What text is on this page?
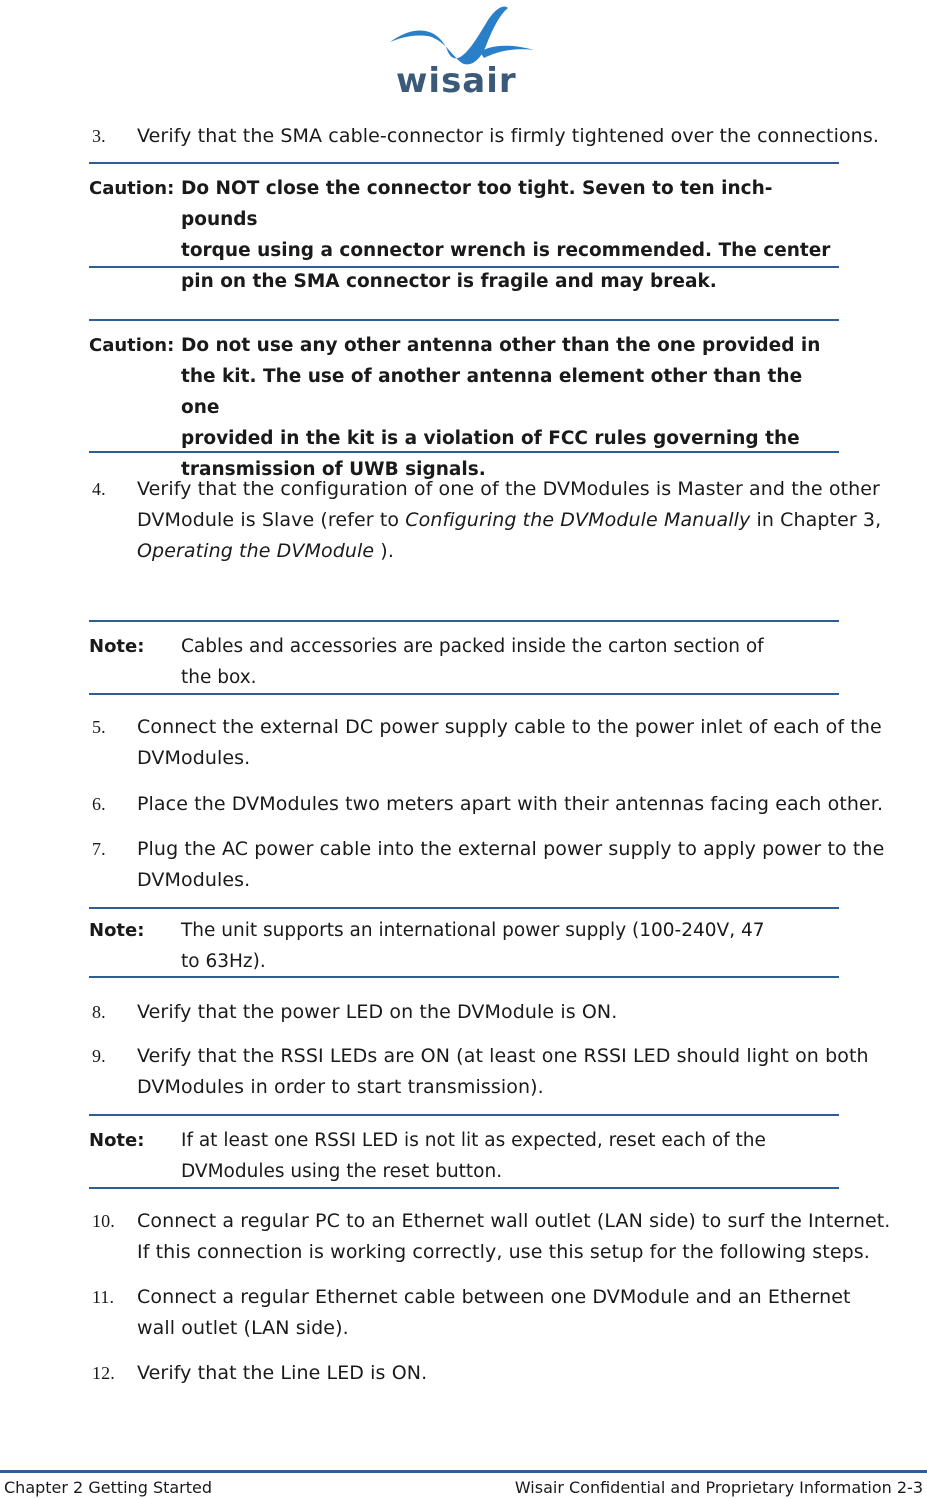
wisair
3. Verify that the SMA cable-connector is firmly tightened over the connections.
Caution: Do NOT close the connector too tight. Seven to ten inch-pounds
torque using a connector wrench is recommended. The center
pin on the SMA connector is fragile and may break.
Caution: Do not use any other antenna other than the one provided in
the kit. The use of another antenna element other than the one
provided in the kit is a violation of FCC rules governing the
transmission of UWB signals.
4. Verify that the configuration of one of the DVModules is Master and the other
DVModule is Slave (refer to Configuring the DVModule Manually in Chapter 3,
Operating the DVModule ).
Note: Cables and accessories are packed inside the carton section of
the box.
5. Connect the external DC power supply cable to the power inlet of each of the
DVModules.
6. Place the DVModules two meters apart with their antennas facing each other.
7. Plug the AC power cable into the external power supply to apply power to the
DVModules.
Note: The unit supports an international power supply (100-240V, 47
to 63Hz).
8. Verify that the power LED on the DVModule is ON.
9. Verify that the RSSI LEDs are ON (at least one RSSI LED should light on both
DVModules in order to start transmission).
Note: If at least one RSSI LED is not lit as expected, reset each of the
DVModules using the reset button.
10. Connect a regular PC to an Ethernet wall outlet (LAN side) to surf the Internet.
If this connection is working correctly, use this setup for the following steps.
11. Connect a regular Ethernet cable between one DVModule and an Ethernet
wall outlet (LAN side).
12. Verify that the Line LED is ON.
Chapter 2 Getting Started	Wisair Confidential and Proprietary Information 2-3
